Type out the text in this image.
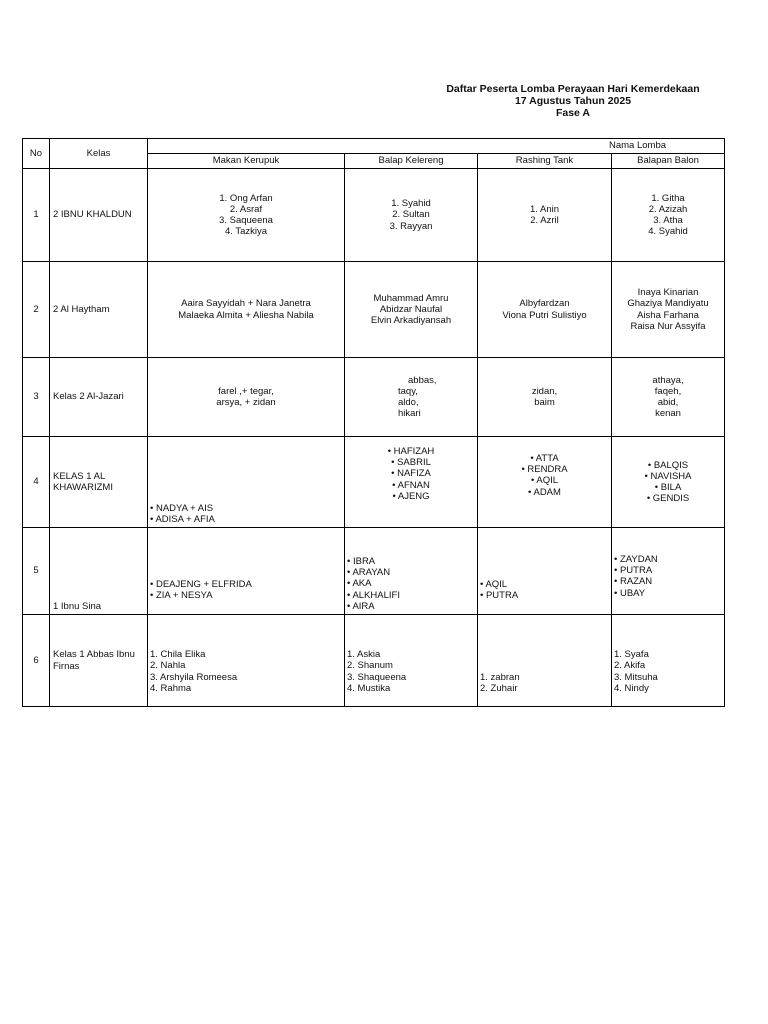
Daftar Peserta Lomba Perayaan Hari Kemerdekaan
17 Agustus Tahun 2025
Fase A
No	Kelas	Nama Lomba			
		Makan Kerupuk	Balap Kelereng	Rashing Tank	Balapan Balon
1	2 IBNU KHALDUN	1. Ong Arfan
2. Asraf
3. Saqueena
4. Tazkiya	1. Syahid
2. Sultan
3. Rayyan	1. Anin
2. Azril	1. Githa
2. Azizah
3. Atha
4. Syahid

2	2 Al Haytham	Aaira Sayyidah + Nara Janetra
Malaeka Almita + Aliesha Nabila	Muhammad Amru
Abidzar Naufal
Elvin Arkadiyansah	Albyfardzan
Viona Putri Sulistiyo	Inaya Kinarian
Ghaziya Mandiyatu
Aisha Farhana
Raisa Nur Assyifa

3	Kelas 2 Al-Jazari	farel ,+ tegar,
arsya, + zidan	abbas,
taqy,
aldo,
hikari	zidan,
baim	athaya,
faqeh,
abid,
kenan

4	KELAS 1 AL KHAWARIZMI	• NADYA + AIS
• ADISA + AFIA	• HAFIZAH
• SABRIL
• NAFIZA
• AFNAN
• AJENG	• ATTA
• RENDRA
• AQIL
• ADAM	• BALQIS
• NAVISHA
• BILA
• GENDIS

5	1 Ibnu Sina	• DEAJENG + ELFRIDA
• ZIA + NESYA	• IBRA
• ARAYAN
• AKA
• ALKHALIFI
• AIRA	• AQIL
• PUTRA	• ZAYDAN
• PUTRA
• RAZAN
• UBAY

6	Kelas 1 Abbas Ibnu Firnas	1. Chila Elika
2. Nahla
3. Arshyila Romeesa
4. Rahma	1. Askia
2. Shanum
3. Shaqueena
4. Mustika	1. zabran
2. Zuhair	1. Syafa
2. Akifa
3. Mitsuha
4. Nindy
